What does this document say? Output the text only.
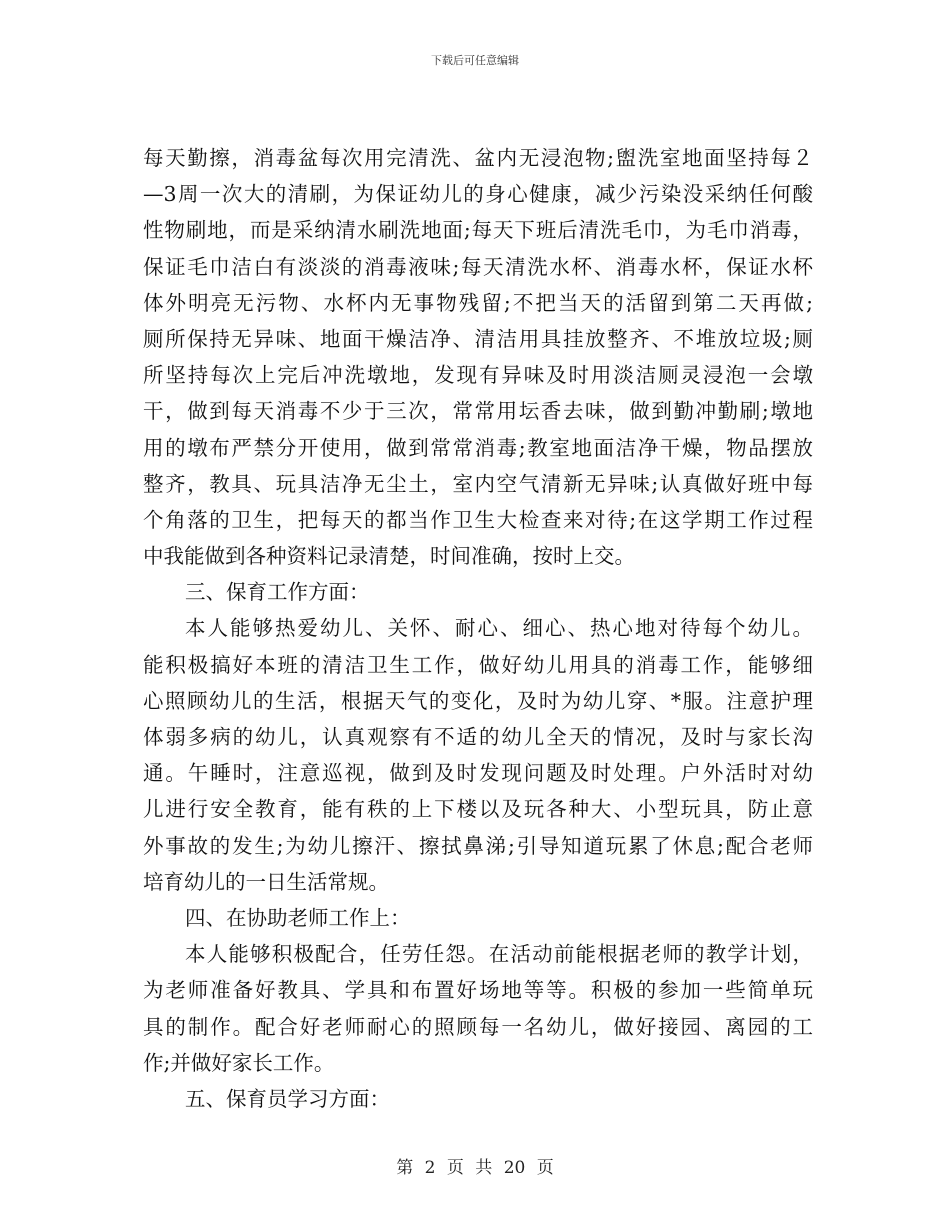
下载后可任意编辑
每天勤擦，消毒盆每次用完清洗、盆内无浸泡物;盥洗室地面坚持每２
—3周一次大的清刷，为保证幼儿的身心健康，减少污染没采纳任何酸
性物刷地，而是采纳清水刷洗地面;每天下班后清洗毛巾，为毛巾消毒，
保证毛巾洁白有淡淡的消毒液味;每天清洗水杯、消毒水杯，保证水杯
体外明亮无污物、水杯内无事物残留;不把当天的活留到第二天再做;
厕所保持无异味、地面干燥洁净、清洁用具挂放整齐、不堆放垃圾;厕
所坚持每次上完后冲洗墩地，发现有异味及时用淡洁厕灵浸泡一会墩
干，做到每天消毒不少于三次，常常用坛香去味，做到勤冲勤刷;墩地
用的墩布严禁分开使用，做到常常消毒;教室地面洁净干燥，物品摆放
整齐，教具、玩具洁净无尘土，室内空气清新无异味;认真做好班中每
个角落的卫生，把每天的都当作卫生大检查来对待;在这学期工作过程
中我能做到各种资料记录清楚，时间准确，按时上交。
三、保育工作方面：
本人能够热爱幼儿、关怀、耐心、细心、热心地对待每个幼儿。
能积极搞好本班的清洁卫生工作，做好幼儿用具的消毒工作，能够细
心照顾幼儿的生活，根据天气的变化，及时为幼儿穿、*服。注意护理
体弱多病的幼儿，认真观察有不适的幼儿全天的情况，及时与家长沟
通。午睡时，注意巡视，做到及时发现问题及时处理。户外活时对幼
儿进行安全教育，能有秩的上下楼以及玩各种大、小型玩具，防止意
外事故的发生;为幼儿擦汗、擦拭鼻涕;引导知道玩累了休息;配合老师
培育幼儿的一日生活常规。
四、在协助老师工作上：
本人能够积极配合，任劳任怨。在活动前能根据老师的教学计划，
为老师准备好教具、学具和布置好场地等等。积极的参加一些简单玩
具的制作。配合好老师耐心的照顾每一名幼儿，做好接园、离园的工
作;并做好家长工作。
五、保育员学习方面：
第 2 页 共 20 页
